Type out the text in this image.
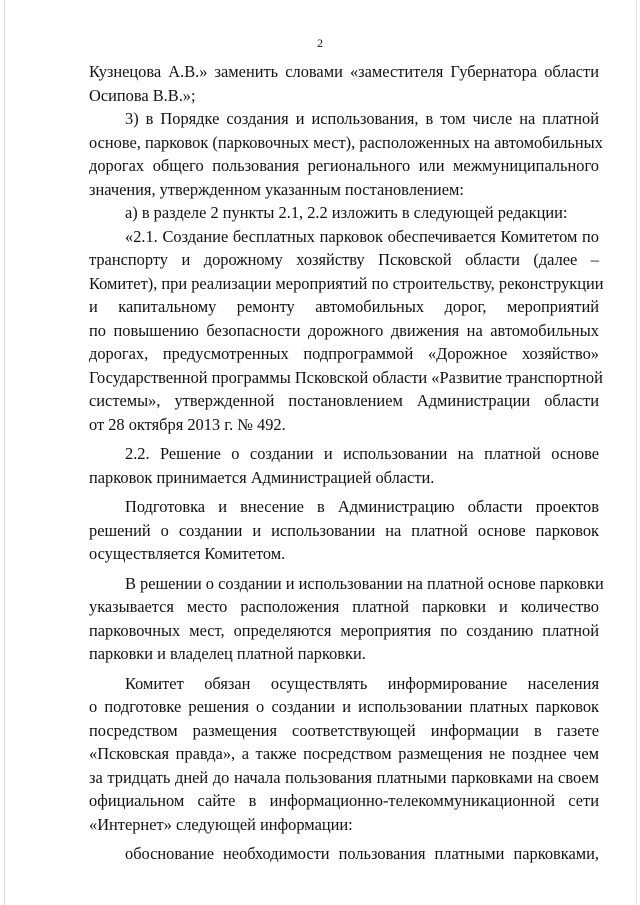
2
Кузнецова А.В.» заменить словами «заместителя Губернатора области
Осипова В.В.»;
3) в Порядке создания и использования, в том числе на платной
основе, парковок (парковочных мест), расположенных на автомобильных
дорогах общего пользования регионального или межмуниципального
значения, утвержденном указанным постановлением:
а) в разделе 2 пункты 2.1, 2.2 изложить в следующей редакции:
«2.1. Создание бесплатных парковок обеспечивается Комитетом по
транспорту и дорожному хозяйству Псковской области (далее –
Комитет), при реализации мероприятий по строительству, реконструкции
и капитальному ремонту автомобильных дорог, мероприятий
по повышению безопасности дорожного движения на автомобильных
дорогах, предусмотренных подпрограммой «Дорожное хозяйство»
Государственной программы Псковской области «Развитие транспортной
системы», утвержденной постановлением Администрации области
от 28 октября 2013 г. № 492.
2.2. Решение о создании и использовании на платной основе
парковок принимается Администрацией области.
Подготовка и внесение в Администрацию области проектов
решений о создании и использовании на платной основе парковок
осуществляется Комитетом.
В решении о создании и использовании на платной основе парковки
указывается место расположения платной парковки и количество
парковочных мест, определяются мероприятия по созданию платной
парковки и владелец платной парковки.
Комитет обязан осуществлять информирование населения
о подготовке решения о создании и использовании платных парковок
посредством размещения соответствующей информации в газете
«Псковская правда», а также посредством размещения не позднее чем
за тридцать дней до начала пользования платными парковками на своем
официальном сайте в информационно-телекоммуникационной сети
«Интернет» следующей информации:
обоснование необходимости пользования платными парковками,
